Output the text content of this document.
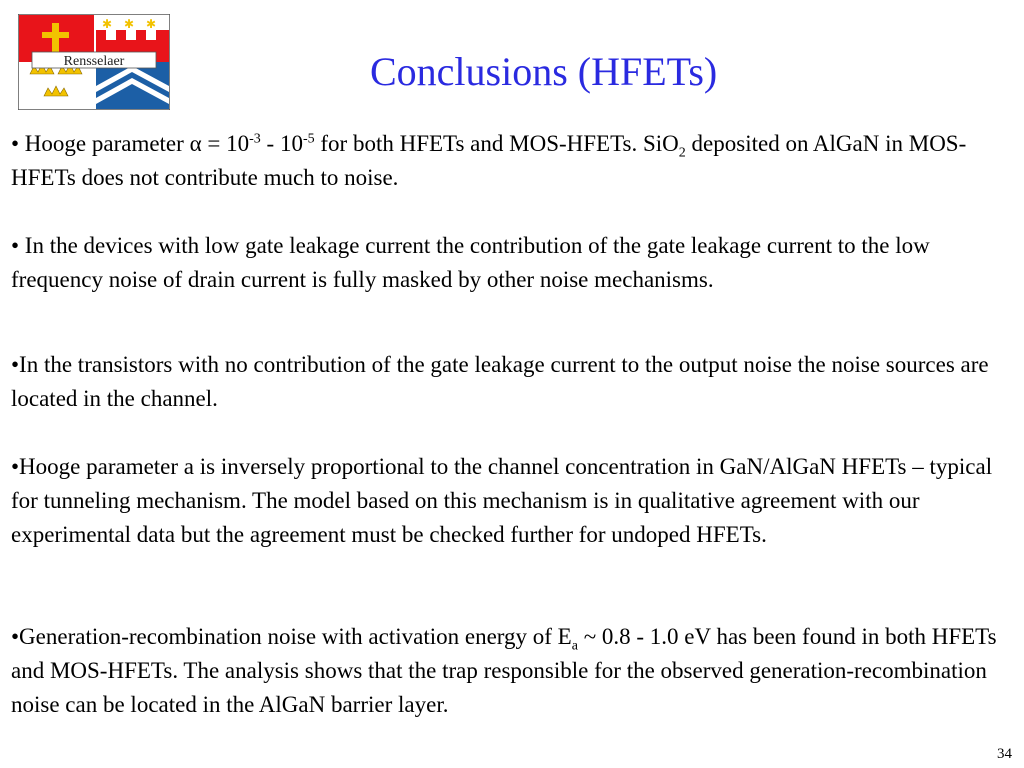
✱ ✱ ✱
Rensselaer	Conclusions (HFETs)

• Hooge parameter $\alpha = 10^{-3} - 10^{-5}$ for both HFETs and MOS-HFETs. SiO$_2$ deposited on AlGaN in MOS-HFETs does not contribute much to noise.

• In the devices with low gate leakage current the contribution of the gate leakage current to the low frequency noise of drain current is fully masked by other noise mechanisms.

•In the transistors with no contribution of the gate leakage current to the output noise the noise sources are located in the channel.

•Hooge parameter a is inversely proportional to the channel concentration in GaN/AlGaN HFETs – typical for tunneling mechanism. The model based on this mechanism is in qualitative agreement with our experimental data but the agreement must be checked further for undoped HFETs.

•Generation-recombination noise with activation energy of $E_a$ ~ 0.8 - 1.0 eV has been found in both HFETs and MOS-HFETs. The analysis shows that the trap responsible for the observed generation-recombination noise can be located in the AlGaN barrier layer.

34
